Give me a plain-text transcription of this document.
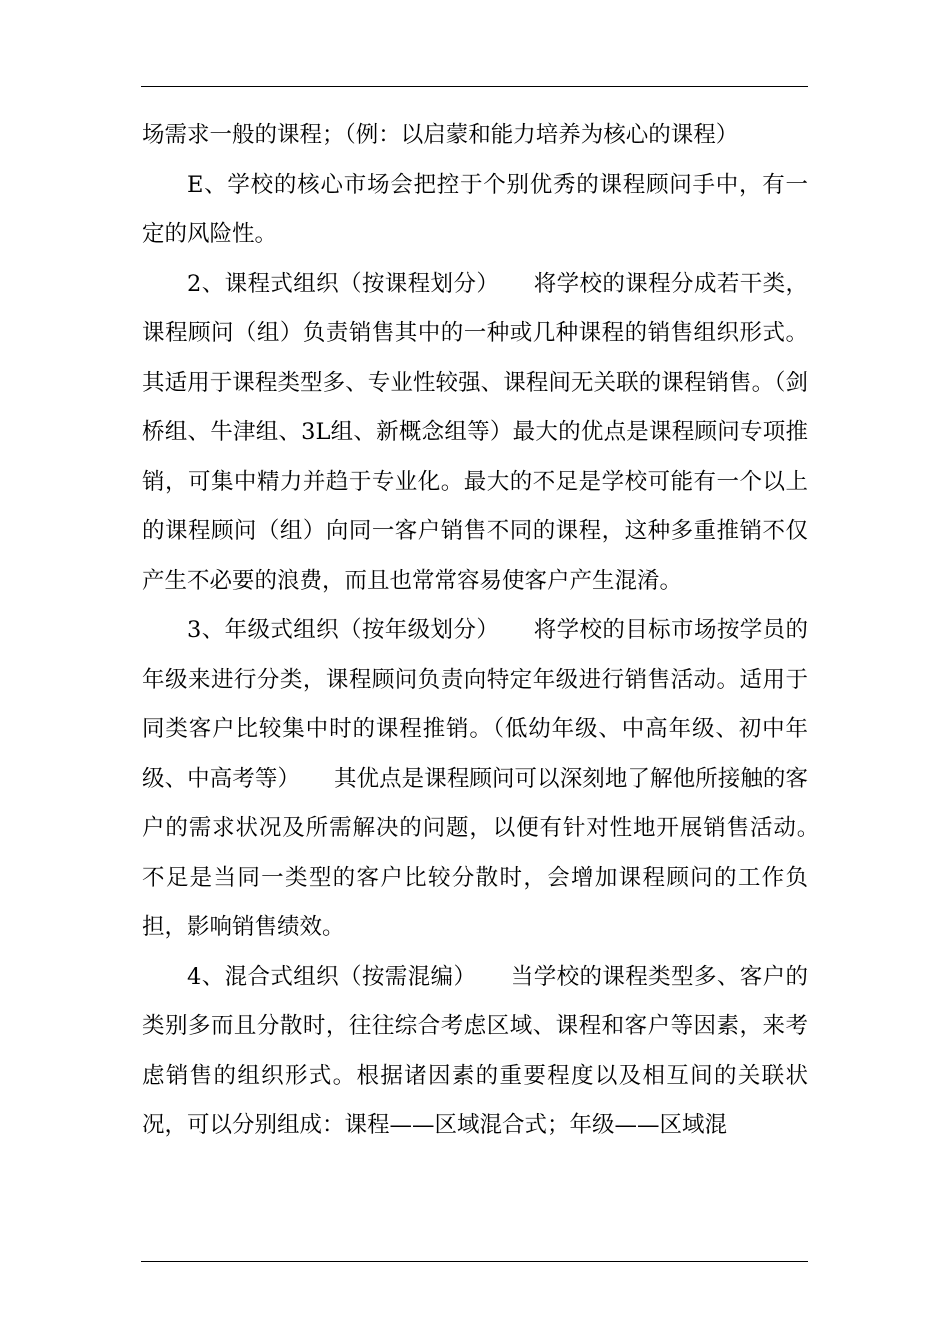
场需求一般的课程；（例：以启蒙和能力培养为核心的课程）

E、学校的核心市场会把控于个别优秀的课程顾问手中，有一定的风险性。

2、课程式组织（按课程划分）　　将学校的课程分成若干类，课程顾问（组）负责销售其中的一种或几种课程的销售组织形式。其适用于课程类型多、专业性较强、课程间无关联的课程销售。（剑桥组、牛津组、3L组、新概念组等）最大的优点是课程顾问专项推销，可集中精力并趋于专业化。最大的不足是学校可能有一个以上的课程顾问（组）向同一客户销售不同的课程，这种多重推销不仅产生不必要的浪费，而且也常常容易使客户产生混淆。

3、年级式组织（按年级划分）　　将学校的目标市场按学员的年级来进行分类，课程顾问负责向特定年级进行销售活动。适用于同类客户比较集中时的课程推销。（低幼年级、中高年级、初中年级、中高考等）　　其优点是课程顾问可以深刻地了解他所接触的客户的需求状况及所需解决的问题，以便有针对性地开展销售活动。　　不足是当同一类型的客户比较分散时，会增加课程顾问的工作负担，影响销售绩效。

4、混合式组织（按需混编）　　当学校的课程类型多、客户的类别多而且分散时，往往综合考虑区域、课程和客户等因素，来考虑销售的组织形式。根据诸因素的重要程度以及相互间的关联状况，可以分别组成：课程——区域混合式；年级——区域混
